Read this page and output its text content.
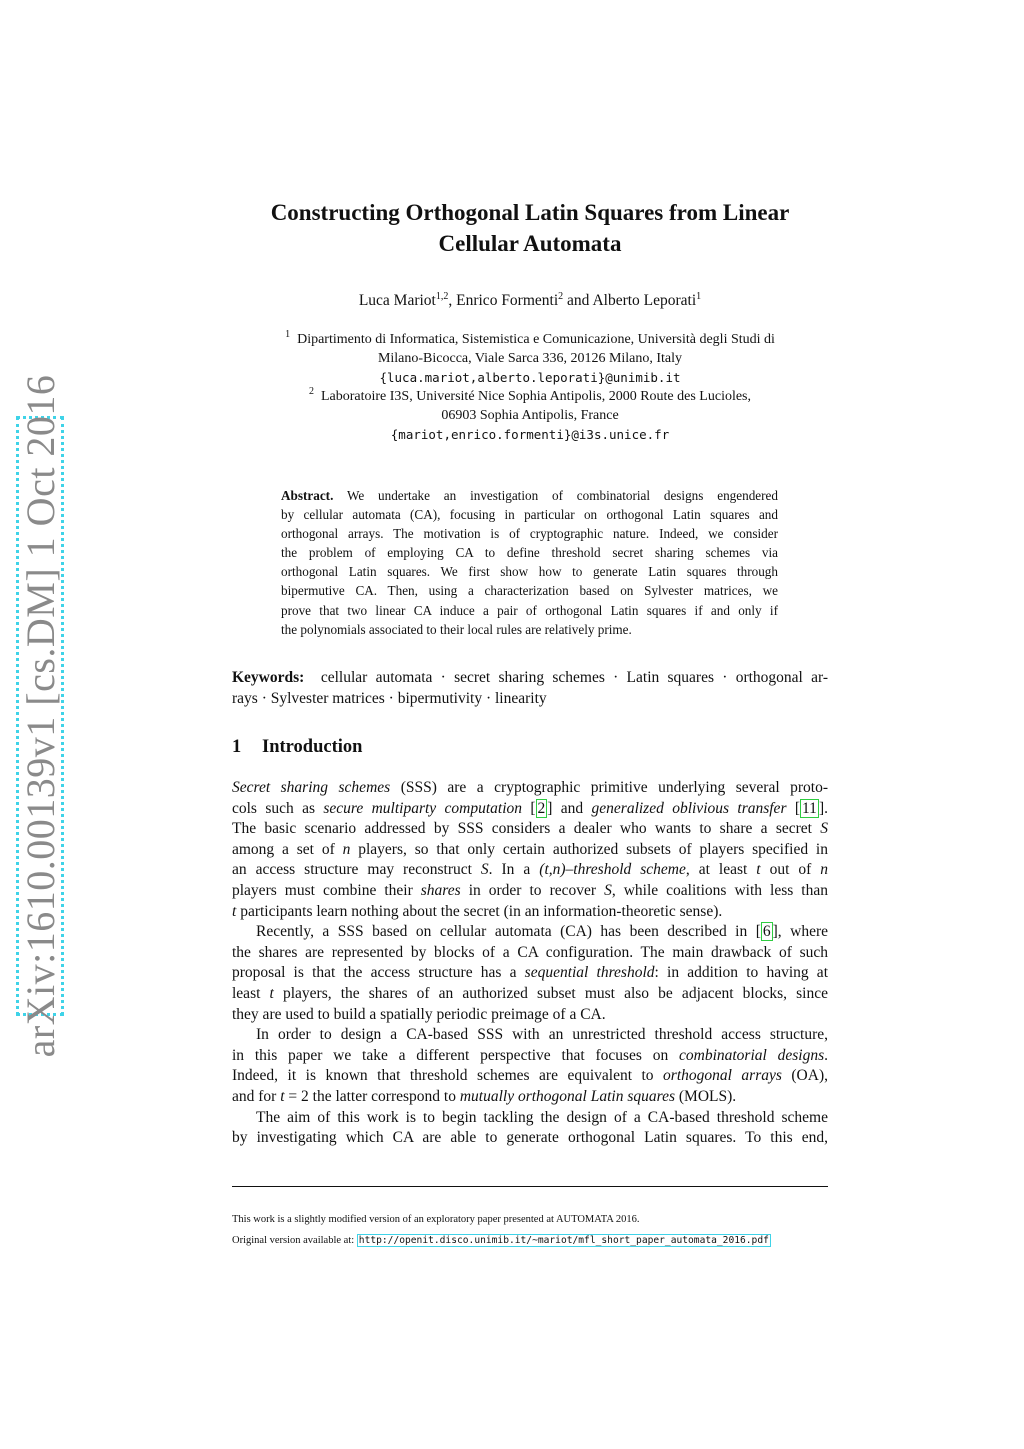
arXiv:1610.00139v1 [cs.DM] 1 Oct 2016
Constructing Orthogonal Latin Squares from Linear
Cellular Automata
Luca Mariot$^{1,2}$, Enrico Formenti$^2$ and Alberto Leporati$^1$
$^1$ Dipartimento di Informatica, Sistemistica e Comunicazione, Università degli Studi di
Milano-Bicocca, Viale Sarca 336, 20126 Milano, Italy
{luca.mariot,alberto.leporati}@unimib.it
$^2$ Laboratoire I3S, Université Nice Sophia Antipolis, 2000 Route des Lucioles,
06903 Sophia Antipolis, France
{mariot,enrico.formenti}@i3s.unice.fr
Abstract. We undertake an investigation of combinatorial designs engendered
by cellular automata (CA), focusing in particular on orthogonal Latin squares and
orthogonal arrays. The motivation is of cryptographic nature. Indeed, we consider
the problem of employing CA to define threshold secret sharing schemes via
orthogonal Latin squares. We first show how to generate Latin squares through
bipermutive CA. Then, using a characterization based on Sylvester matrices, we
prove that two linear CA induce a pair of orthogonal Latin squares if and only if
the polynomials associated to their local rules are relatively prime.
Keywords: cellular automata · secret sharing schemes · Latin squares · orthogonal ar-
rays · Sylvester matrices · bipermutivity · linearity
1 Introduction
Secret sharing schemes (SSS) are a cryptographic primitive underlying several proto-
cols such as secure multiparty computation [ 2 ] and generalized oblivious transfer [ 11 ].
The basic scenario addressed by SSS considers a dealer who wants to share a secret S
among a set of n players, so that only certain authorized subsets of players specified in
an access structure may reconstruct S. In a (t,n)–threshold scheme, at least t out of n
players must combine their shares in order to recover S, while coalitions with less than
t participants learn nothing about the secret (in an information-theoretic sense).
Recently, a SSS based on cellular automata (CA) has been described in [ 6 ], where
the shares are represented by blocks of a CA configuration. The main drawback of such
proposal is that the access structure has a sequential threshold: in addition to having at
least t players, the shares of an authorized subset must also be adjacent blocks, since
they are used to build a spatially periodic preimage of a CA.
In order to design a CA-based SSS with an unrestricted threshold access structure,
in this paper we take a different perspective that focuses on combinatorial designs.
Indeed, it is known that threshold schemes are equivalent to orthogonal arrays (OA),
and for t = 2 the latter correspond to mutually orthogonal Latin squares (MOLS).
The aim of this work is to begin tackling the design of a CA-based threshold scheme
by investigating which CA are able to generate orthogonal Latin squares. To this end,
This work is a slightly modified version of an exploratory paper presented at AUTOMATA 2016.
Original version available at: http://openit.disco.unimib.it/~mariot/mfl_short_paper_automata_2016.pdf
